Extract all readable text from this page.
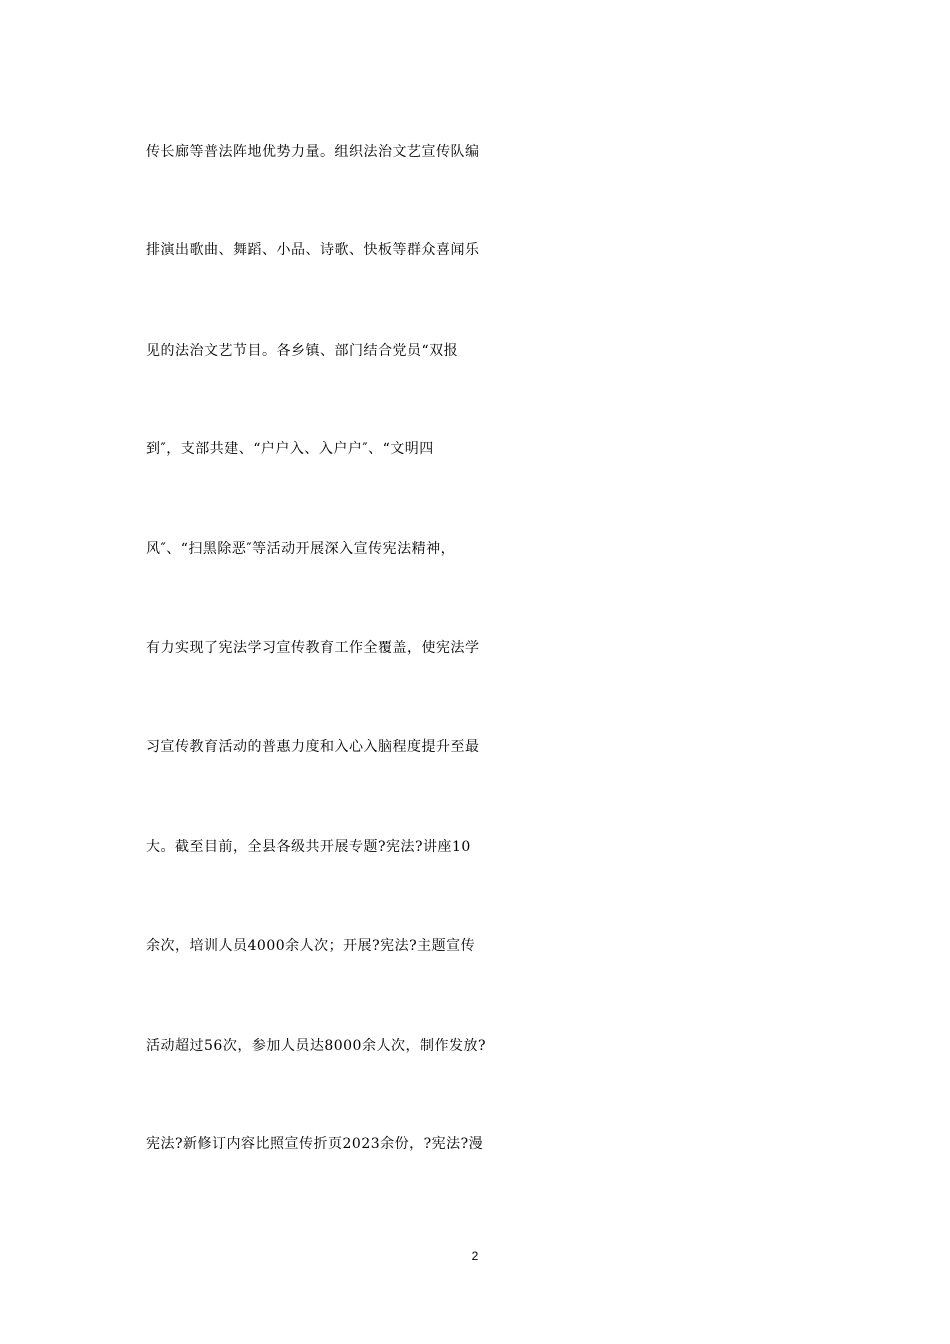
传长廊等普法阵地优势力量。组织法治文艺宣传队编
排演出歌曲、舞蹈、小品、诗歌、快板等群众喜闻乐
见的法治文艺节目。各乡镇、部门结合党员“双报
到″，支部共建、“户户入、入户户″、“文明四
风″、“扫黑除恶″等活动开展深入宣传宪法精神，
有力实现了宪法学习宣传教育工作全覆盖，使宪法学
习宣传教育活动的普惠力度和入心入脑程度提升至最
大。截至目前，全县各级共开展专题?宪法?讲座10
余次，培训人员4000余人次；开展?宪法?主题宣传
活动超过56次，参加人员达8000余人次，制作发放?
宪法?新修订内容比照宣传折页2023余份，?宪法?漫
2
